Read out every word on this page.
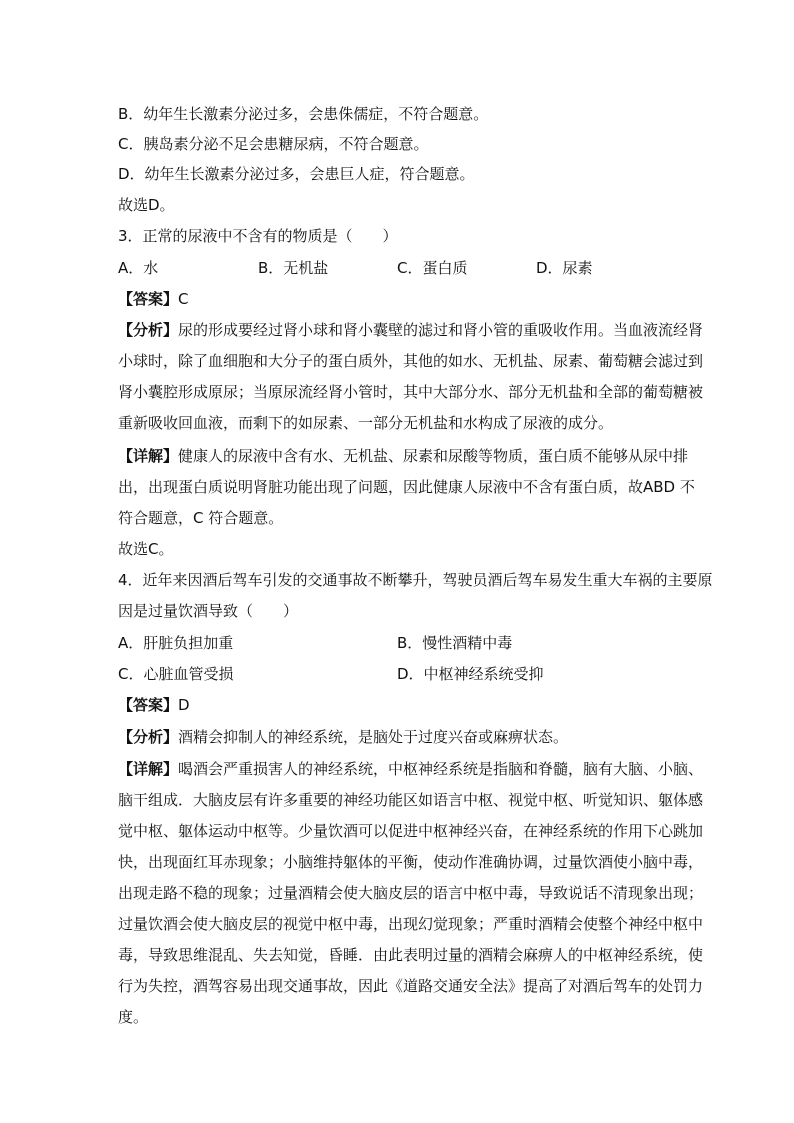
B．幼年生长激素分泌过多，会患侏儒症，不符合题意。
C．胰岛素分泌不足会患糖尿病，不符合题意。
D．幼年生长激素分泌过多，会患巨人症，符合题意。
故选D。
3．正常的尿液中不含有的物质是（　　）
A．水	B．无机盐	C．蛋白质	D．尿素
【答案】C
【分析】尿的形成要经过肾小球和肾小囊壁的滤过和肾小管的重吸收作用。当血液流经肾
小球时，除了血细胞和大分子的蛋白质外，其他的如水、无机盐、尿素、葡萄糖会滤过到
肾小囊腔形成原尿；当原尿流经肾小管时，其中大部分水、部分无机盐和全部的葡萄糖被
重新吸收回血液，而剩下的如尿素、一部分无机盐和水构成了尿液的成分。
【详解】健康人的尿液中含有水、无机盐、尿素和尿酸等物质，蛋白质不能够从尿中排
出，出现蛋白质说明肾脏功能出现了问题，因此健康人尿液中不含有蛋白质，故ABD 不
符合题意，C 符合题意。
故选C。
4．近年来因酒后驾车引发的交通事故不断攀升，驾驶员酒后驾车易发生重大车祸的主要原
因是过量饮酒导致（　　）
A．肝脏负担加重	B．慢性酒精中毒
C．心脏血管受损	D．中枢神经系统受抑
【答案】D
【分析】酒精会抑制人的神经系统，是脑处于过度兴奋或麻痹状态。
【详解】喝酒会严重损害人的神经系统，中枢神经系统是指脑和脊髓，脑有大脑、小脑、
脑干组成．大脑皮层有许多重要的神经功能区如语言中枢、视觉中枢、听觉知识、躯体感
觉中枢、躯体运动中枢等。少量饮酒可以促进中枢神经兴奋，在神经系统的作用下心跳加
快，出现面红耳赤现象；小脑维持躯体的平衡，使动作准确协调，过量饮酒使小脑中毒，
出现走路不稳的现象；过量酒精会使大脑皮层的语言中枢中毒，导致说话不清现象出现；
过量饮酒会使大脑皮层的视觉中枢中毒，出现幻觉现象；严重时酒精会使整个神经中枢中
毒，导致思维混乱、失去知觉，昏睡．由此表明过量的酒精会麻痹人的中枢神经系统，使
行为失控，酒驾容易出现交通事故，因此《道路交通安全法》提高了对酒后驾车的处罚力
度。
